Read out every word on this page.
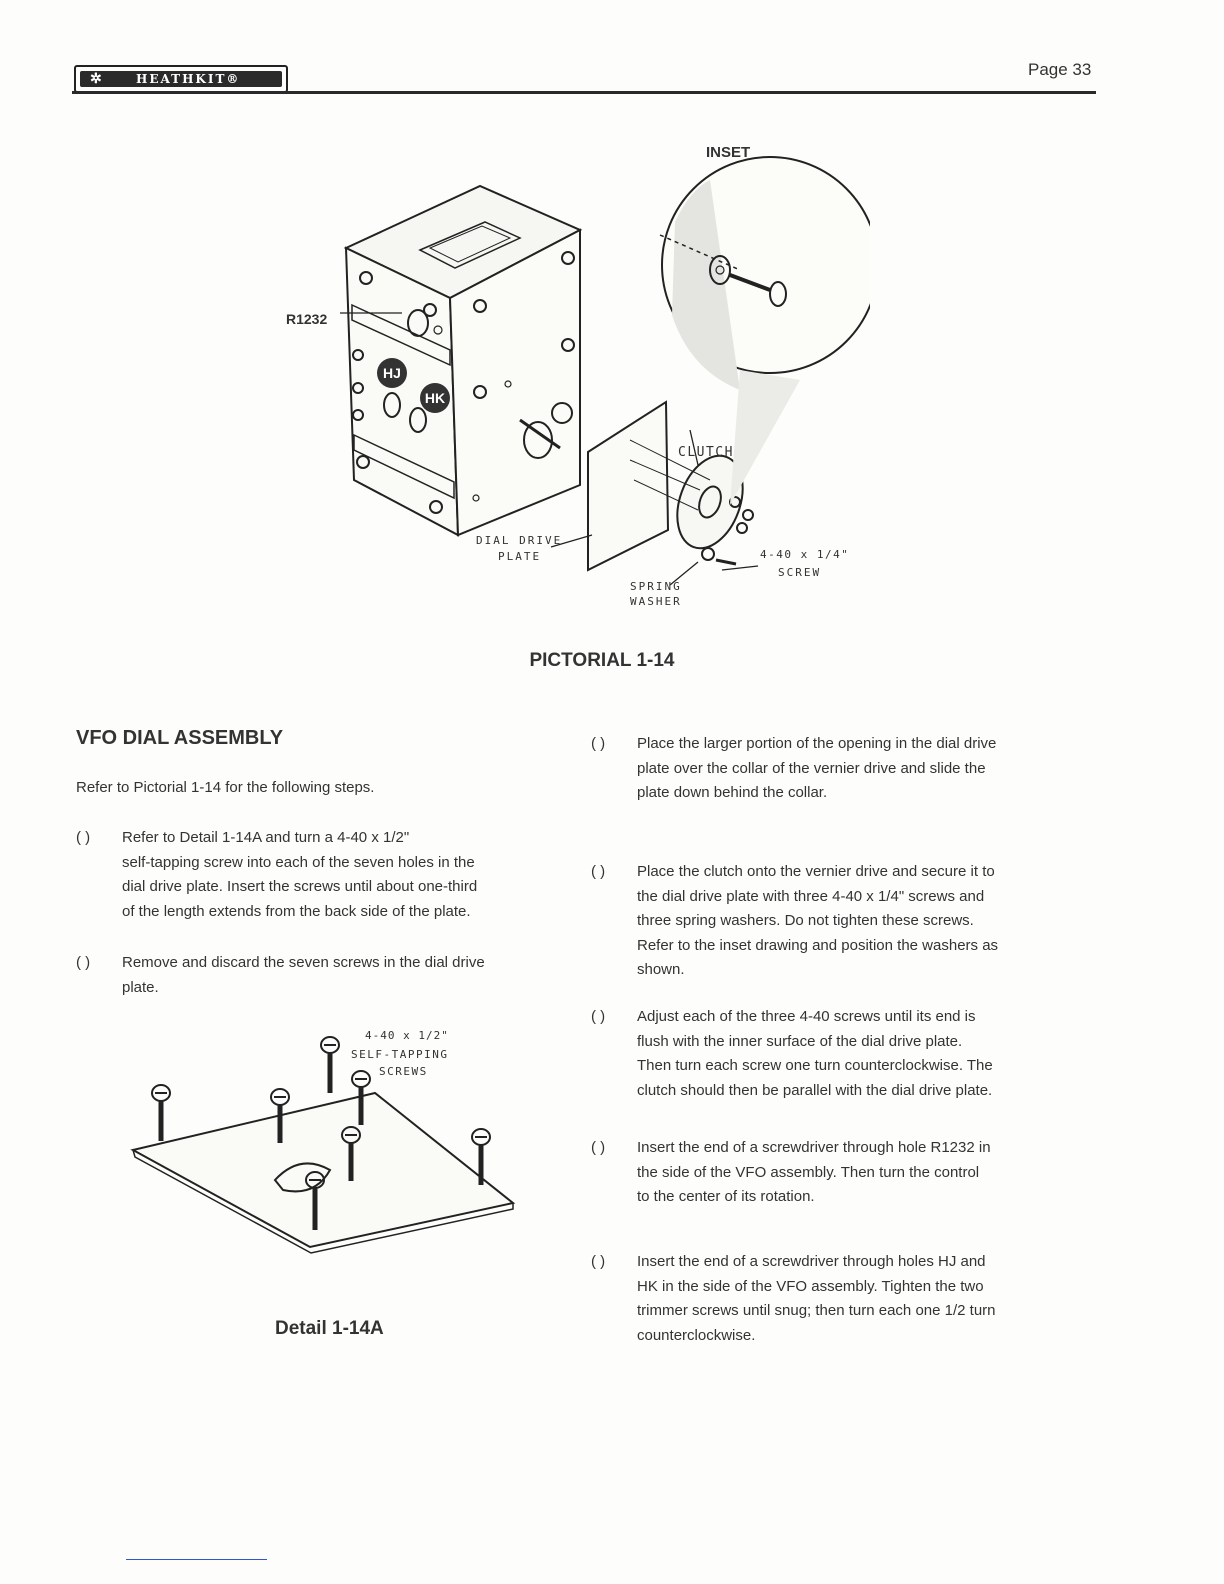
✲	HEATHKIT®	Page 33
HJ
HK
INSET
R1232
CLUTCH
DIAL DRIVE
PLATE	4-40 x 1/4"
SCREW
SPRING
WASHER
PICTORIAL 1-14
VFO DIAL ASSEMBLY
Refer to Pictorial 1-14 for the following steps.
( )	Refer to Detail 1-14A and turn a 4-40 x 1/2"
self-tapping screw into each of the seven holes in the
dial drive plate. Insert the screws until about one-third
of the length extends from the back side of the plate.
( )	Remove and discard the seven screws in the dial drive
plate.
4-40 x 1/2"
SELF-TAPPING
SCREWS
Detail 1-14A
( )	Place the larger portion of the opening in the dial drive
plate over the collar of the vernier drive and slide the
plate down behind the collar.
( )	Place the clutch onto the vernier drive and secure it to
the dial drive plate with three 4-40 x 1/4" screws and
three spring washers. Do not tighten these screws.
Refer to the inset drawing and position the washers as
shown.
( )	Adjust each of the three 4-40 screws until its end is
flush with the inner surface of the dial drive plate.
Then turn each screw one turn counterclockwise. The
clutch should then be parallel with the dial drive plate.
( )	Insert the end of a screwdriver through hole R1232 in
the side of the VFO assembly. Then turn the control
to the center of its rotation.
( )	Insert the end of a screwdriver through holes HJ and
HK in the side of the VFO assembly. Tighten the two
trimmer screws until snug; then turn each one 1/2 turn
counterclockwise.
